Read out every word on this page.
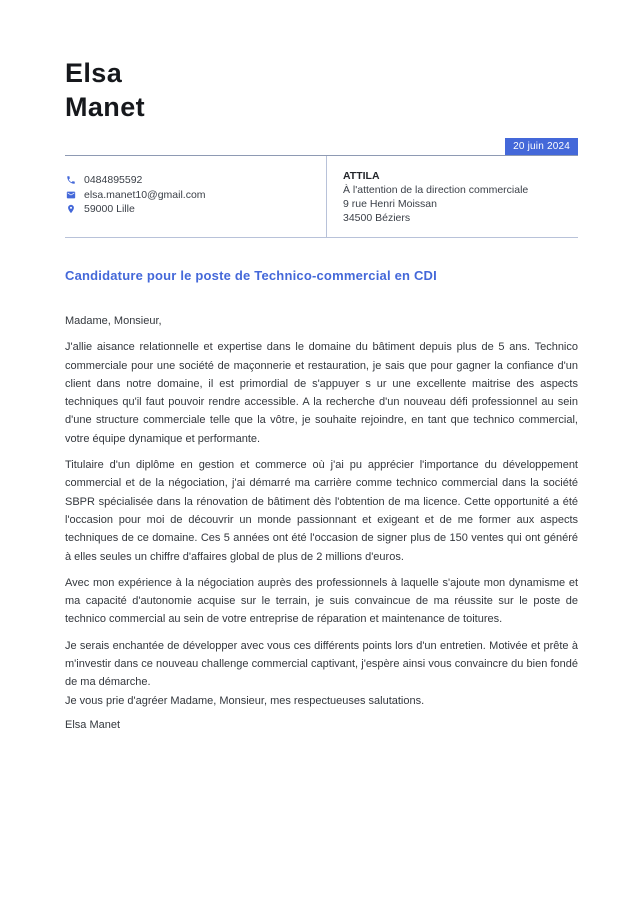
Elsa
Manet
20 juin 2024
0484895592
elsa.manet10@gmail.com
59000 Lille
ATTILA
À l'attention de la direction commerciale
9 rue Henri Moissan
34500 Béziers
Candidature pour le poste de Technico-commercial en CDI

Madame, Monsieur,

J'allie aisance relationnelle et expertise dans le domaine du bâtiment depuis plus de 5 ans. Technico commerciale pour une société de maçonnerie et restauration, je sais que pour gagner la confiance d'un client dans notre domaine, il est primordial de s'appuyer s ur une excellente maitrise des aspects techniques qu'il faut pouvoir rendre accessible. A la recherche d'un nouveau défi professionnel au sein d'une structure commerciale telle que la vôtre, je souhaite rejoindre, en tant que technico commercial, votre équipe dynamique et performante.

Titulaire d'un diplôme en gestion et commerce où j'ai pu apprécier l'importance du développement commercial et de la négociation, j'ai démarré ma carrière comme technico commercial dans la société SBPR spécialisée dans la rénovation de bâtiment dès l'obtention de ma licence. Cette opportunité a été l'occasion pour moi de découvrir un monde passionnant et exigeant et de me former aux aspects techniques de ce domaine. Ces 5 années ont été l'occasion de signer plus de 150 ventes qui ont généré à elles seules un chiffre d'affaires global de plus de 2 millions d'euros.

Avec mon expérience à la négociation auprès des professionnels à laquelle s'ajoute mon dynamisme et ma capacité d'autonomie acquise sur le terrain, je suis convaincue de ma réussite sur le poste de technico commercial au sein de votre entreprise de réparation et maintenance de toitures.

Je serais enchantée de développer avec vous ces différents points lors d'un entretien. Motivée et prête à m'investir dans ce nouveau challenge commercial captivant, j'espère ainsi vous convaincre du bien fondé de ma démarche.

Je vous prie d'agréer Madame, Monsieur, mes respectueuses salutations.

Elsa Manet
